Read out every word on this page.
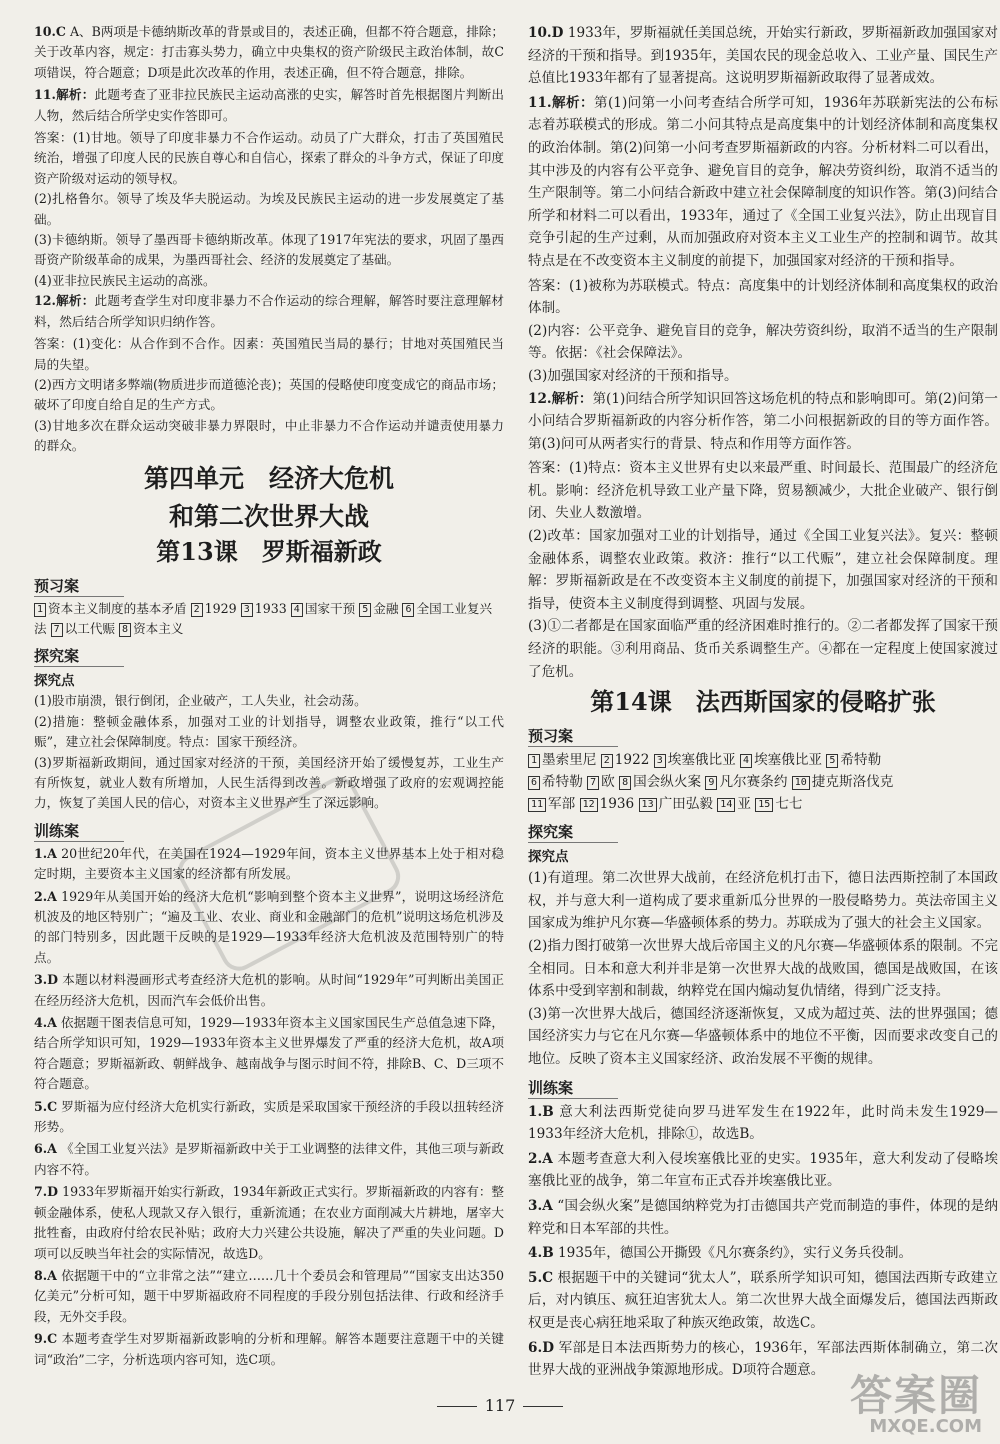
10.C A、B两项是卡德纳斯改革的背景或目的，表述正确，但都不符合题意，排除；关于改革内容，规定：打击寡头势力，确立中央集权的资产阶级民主政治体制，故C项错误，符合题意；D项是此次改革的作用，表述正确，但不符合题意，排除。

11.解析：此题考查了亚非拉民族民主运动高涨的史实，解答时首先根据图片判断出人物，然后结合所学史实作答即可。

答案：(1)甘地。领导了印度非暴力不合作运动。动员了广大群众，打击了英国殖民统治，增强了印度人民的民族自尊心和自信心，探索了群众的斗争方式，保证了印度资产阶级对运动的领导权。

(2)扎格鲁尔。领导了埃及华夫脱运动。为埃及民族民主运动的进一步发展奠定了基础。

(3)卡德纳斯。领导了墨西哥卡德纳斯改革。体现了1917年宪法的要求，巩固了墨西哥资产阶级革命的成果，为墨西哥社会、经济的发展奠定了基础。

(4)亚非拉民族民主运动的高涨。

12.解析：此题考查学生对印度非暴力不合作运动的综合理解，解答时要注意理解材料，然后结合所学知识归纳作答。

答案：(1)变化：从合作到不合作。因素：英国殖民当局的暴行；甘地对英国殖民当局的失望。

(2)西方文明诸多弊端(物质进步而道德沦丧)；英国的侵略使印度变成它的商品市场；破坏了印度自给自足的生产方式。

(3)甘地多次在群众运动突破非暴力界限时，中止非暴力不合作运动并谴责使用暴力的群众。

第四单元　经济大危机
和第二次世界大战
第13课　罗斯福新政
预习案

1 资本主义制度的基本矛盾 2 1929 3 1933 4 国家干预 5 金融 6 全国工业复兴法 7 以工代赈 8 资本主义

探究案
探究点

(1)股市崩溃，银行倒闭，企业破产，工人失业，社会动荡。

(2)措施：整顿金融体系，加强对工业的计划指导，调整农业政策，推行“以工代赈”，建立社会保障制度。特点：国家干预经济。

(3)罗斯福新政期间，通过国家对经济的干预，美国经济开始了缓慢复苏，工业生产有所恢复，就业人数有所增加，人民生活得到改善。新政增强了政府的宏观调控能力，恢复了美国人民的信心，对资本主义世界产生了深远影响。

训练案

1.A 20世纪20年代，在美国在1924—1929年间，资本主义世界基本上处于相对稳定时期，主要资本主义国家的经济都有所发展。

2.A 1929年从美国开始的经济大危机“影响到整个资本主义世界”，说明这场经济危机波及的地区特别广；“遍及工业、农业、商业和金融部门的危机”说明这场危机涉及的部门特别多，因此题干反映的是1929—1933年经济大危机波及范围特别广的特点。

3.D 本题以材料漫画形式考查经济大危机的影响。从时间“1929年”可判断出美国正在经历经济大危机，因而汽车会低价出售。

4.A 依据题干图表信息可知，1929—1933年资本主义国家国民生产总值急速下降，结合所学知识可知，1929—1933年资本主义世界爆发了严重的经济大危机，故A项符合题意；罗斯福新政、朝鲜战争、越南战争与图示时间不符，排除B、C、D三项不符合题意。

5.C 罗斯福为应付经济大危机实行新政，实质是采取国家干预经济的手段以扭转经济形势。

6.A 《全国工业复兴法》是罗斯福新政中关于工业调整的法律文件，其他三项与新政内容不符。

7.D 1933年罗斯福开始实行新政，1934年新政正式实行。罗斯福新政的内容有：整顿金融体系，使私人现款又存入银行，重新流通；在农业方面削减大片耕地，屠宰大批牲畜，由政府付给农民补贴；政府大力兴建公共设施，解决了严重的失业问题。D项可以反映当年社会的实际情况，故选D。

8.A 依据题干中的“立非常之法”“建立……几十个委员会和管理局”“国家支出达350亿美元”分析可知，题干中罗斯福政府不同程度的手段分别包括法律、行政和经济手段，无外交手段。

9.C 本题考查学生对罗斯福新政影响的分析和理解。解答本题要注意题干中的关键词“政治”二字，分析选项内容可知，选C项。

10.D 1933年，罗斯福就任美国总统，开始实行新政，罗斯福新政加强国家对经济的干预和指导。到1935年，美国农民的现金总收入、工业产量、国民生产总值比1933年都有了显著提高。这说明罗斯福新政取得了显著成效。

11.解析：第(1)问第一小问考查结合所学可知，1936年苏联新宪法的公布标志着苏联模式的形成。第二小问其特点是高度集中的计划经济体制和高度集权的政治体制。第(2)问第一小问考查罗斯福新政的内容。分析材料二可以看出，其中涉及的内容有公平竞争、避免盲目的竞争，解决劳资纠纷，取消不适当的生产限制等。第二小问结合新政中建立社会保障制度的知识作答。第(3)问结合所学和材料二可以看出，1933年，通过了《全国工业复兴法》，防止出现盲目竞争引起的生产过剩，从而加强政府对资本主义工业生产的控制和调节。故其特点是在不改变资本主义制度的前提下，加强国家对经济的干预和指导。

答案：(1)被称为苏联模式。特点：高度集中的计划经济体制和高度集权的政治体制。

(2)内容：公平竞争、避免盲目的竞争，解决劳资纠纷，取消不适当的生产限制等。依据：《社会保障法》。

(3)加强国家对经济的干预和指导。

12.解析：第(1)问结合所学知识回答这场危机的特点和影响即可。第(2)问第一小问结合罗斯福新政的内容分析作答，第二小问根据新政的目的等方面作答。第(3)问可从两者实行的背景、特点和作用等方面作答。

答案：(1)特点：资本主义世界有史以来最严重、时间最长、范围最广的经济危机。影响：经济危机导致工业产量下降，贸易额减少，大批企业破产、银行倒闭、失业人数激增。

(2)改革：国家加强对工业的计划指导，通过《全国工业复兴法》。复兴：整顿金融体系，调整农业政策。救济：推行“以工代赈”，建立社会保障制度。理解：罗斯福新政是在不改变资本主义制度的前提下，加强国家对经济的干预和指导，使资本主义制度得到调整、巩固与发展。

(3)①二者都是在国家面临严重的经济困难时推行的。②二者都发挥了国家干预经济的职能。③利用商品、货币关系调整生产。④都在一定程度上使国家渡过了危机。

第14课　法西斯国家的侵略扩张
预习案

1 墨索里尼 2 1922 3 埃塞俄比亚 4 埃塞俄比亚 5 希特勒

6 希特勒 7 欧 8 国会纵火案 9 凡尔赛条约 10 捷克斯洛伐克

11 军部 12 1936 13 广田弘毅 14 亚 15 七七

探究案
探究点

(1)有道理。第二次世界大战前，在经济危机打击下，德日法西斯控制了本国政权，并与意大利一道构成了要求重新瓜分世界的一股侵略势力。英法帝国主义国家成为维护凡尔赛—华盛顿体系的势力。苏联成为了强大的社会主义国家。

(2)指力图打破第一次世界大战后帝国主义的凡尔赛—华盛顿体系的限制。不完全相同。日本和意大利并非是第一次世界大战的战败国，德国是战败国，在该体系中受到宰割和制裁，纳粹党在国内煽动复仇情绪，得到广泛支持。

(3)第一次世界大战后，德国经济逐渐恢复，又成为超过英、法的世界强国；德国经济实力与它在凡尔赛—华盛顿体系中的地位不平衡，因而要求改变自己的地位。反映了资本主义国家经济、政治发展不平衡的规律。

训练案

1.B 意大利法西斯党徒向罗马进军发生在1922年，此时尚未发生1929—1933年经济大危机，排除①，故选B。

2.A 本题考查意大利入侵埃塞俄比亚的史实。1935年，意大利发动了侵略埃塞俄比亚的战争，第二年宣布正式吞并埃塞俄比亚。

3.A “国会纵火案”是德国纳粹党为打击德国共产党而制造的事件，体现的是纳粹党和日本军部的共性。

4.B 1935年，德国公开撕毁《凡尔赛条约》，实行义务兵役制。

5.C 根据题干中的关键词“犹太人”，联系所学知识可知，德国法西斯专政建立后，对内镇压、疯狂迫害犹太人。第二次世界大战全面爆发后，德国法西斯政权更是丧心病狂地采取了种族灭绝政策，故选C。

6.D 军部是日本法西斯势力的核心，1936年，军部法西斯体制确立，第二次世界大战的亚洲战争策源地形成。D项符合题意。

117	答案圈
MXQE.COM
